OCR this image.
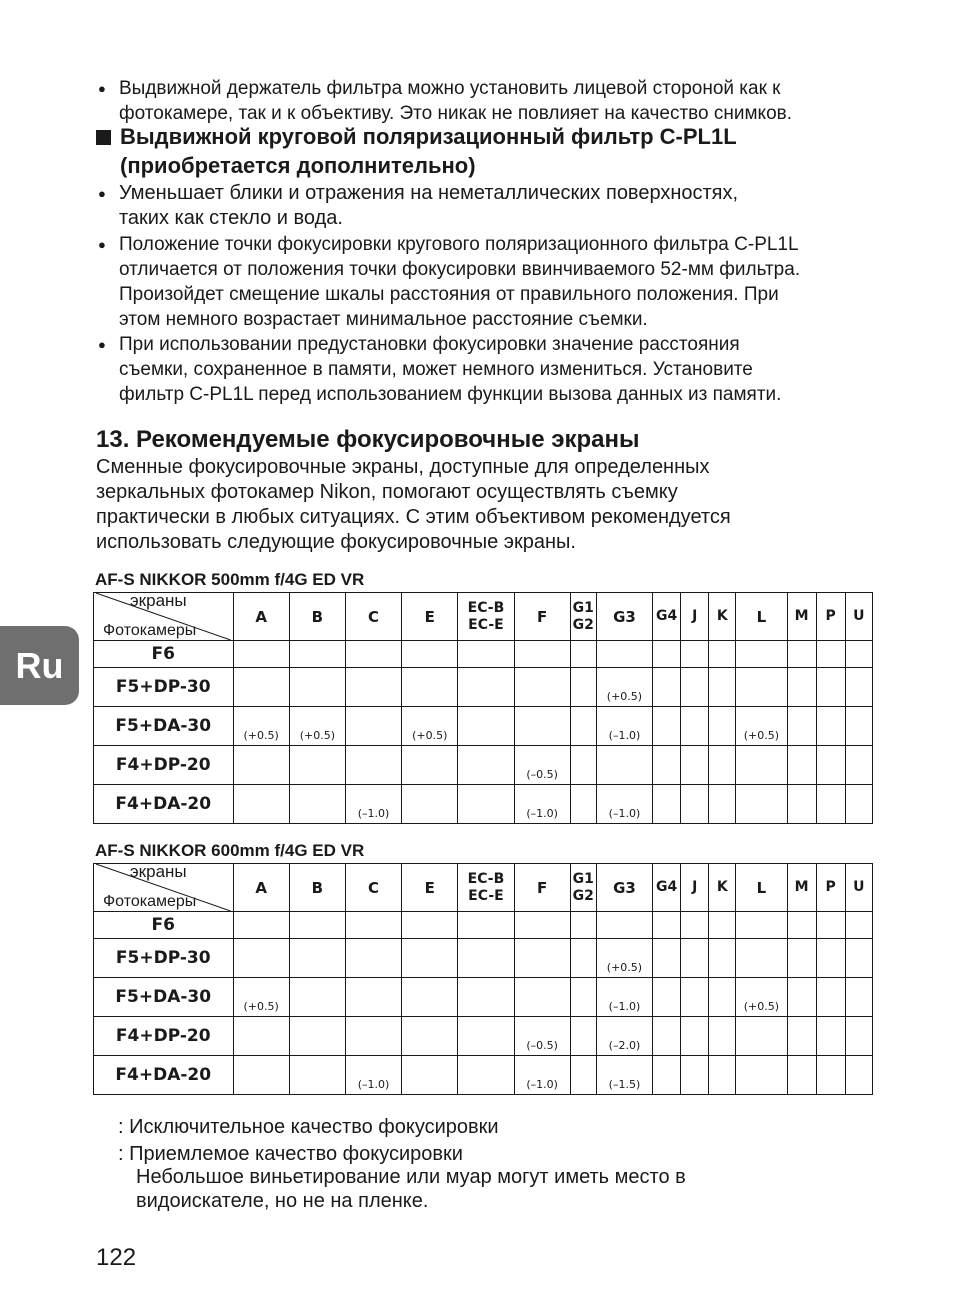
Ru
● Выдвижной держатель фильтра можно установить лицевой стороной как к
фотокамере, так и к объективу. Это никак не повлияет на качество снимков.
Выдвижной круговой поляризационный фильтр C-PL1L
(приобретается дополнительно)
● Уменьшает блики и отражения на неметаллических поверхностях,
таких как стекло и вода.
● Положение точки фокусировки кругового поляризационного фильтра C-PL1L
отличается от положения точки фокусировки ввинчиваемого 52-мм фильтра.
Произойдет смещение шкалы расстояния от правильного положения. При
этом немного возрастает минимальное расстояние съемки.
● При использовании предустановки фокусировки значение расстояния
съемки, сохраненное в памяти, может немного измениться. Установите
фильтр C-PL1L перед использованием функции вызова данных из памяти.
13. Рекомендуемые фокусировочные экраны
Сменные фокусировочные экраны, доступные для определенных
зеркальных фотокамер Nikon, помогают осуществлять съемку
практически в любых ситуациях. С этим объективом рекомендуется
использовать следующие фокусировочные экраны.
AF-S NIKKOR 500mm f/4G ED VR
экраны
Фотокамеры	A	B	C	E	EC-B
EC-E	F	G1
G2	G3	G4	J	K	L	M	P	U
F6															
F5+DP-30								(+0.5)							

F5+DA-30	(+0.5)	(+0.5)		(+0.5)				(–1.0)				(+0.5)			

F4+DP-20						(–0.5)									

F4+DA-20			(–1.0)			(–1.0)		(–1.0)							

AF-S NIKKOR 600mm f/4G ED VR
экраны
Фотокамеры	A	B	C	E	EC-B
EC-E	F	G1
G2	G3	G4	J	K	L	M	P	U
F6															
F5+DP-30								(+0.5)							

F5+DA-30	(+0.5)							(–1.0)				(+0.5)			

F4+DP-20						(–0.5)		(–2.0)							

F4+DA-20			(–1.0)			(–1.0)		(–1.5)							

: Исключительное качество фокусировки
: Приемлемое качество фокусировки
Небольшое виньетирование или муар могут иметь место в
видоискателе, но не на пленке.
122
